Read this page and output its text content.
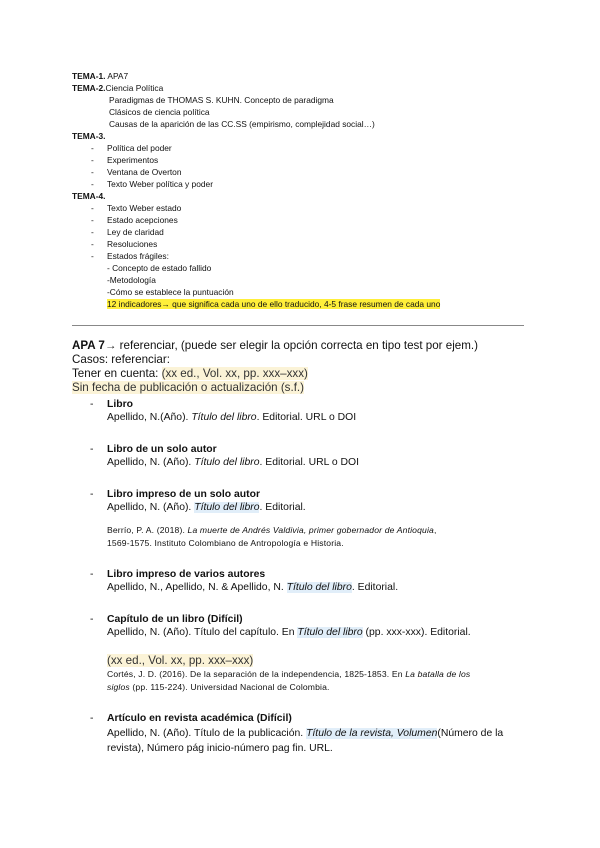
TEMA-1. APA7
TEMA-2.Ciencia Política
Paradigmas de THOMAS S. KUHN. Concepto de paradigma
Clásicos de ciencia política
Causas de la aparición de las CC.SS (empirismo, complejidad social…)
TEMA-3.
-	Política del poder
-	Experimentos
-	Ventana de Overton
-	Texto Weber política y poder
TEMA-4.
-	Texto Weber estado
-	Estado acepciones
-	Ley de claridad
-	Resoluciones
-	Estados frágiles:
- Concepto de estado fallido
-Metodología
-Cómo se establece la puntuación
12 indicadores→ que significa cada uno de ello traducido, 4-5 frase resumen de cada uno
APA 7→ referenciar, (puede ser elegir la opción correcta en tipo test por ejem.)
Casos: referenciar:
Tener en cuenta: (xx ed., Vol. xx, pp. xxx–xxx)
Sin fecha de publicación o actualización (s.f.)
-	Libro
Apellido, N.(Año). Título del libro. Editorial. URL o DOI
-	Libro de un solo autor
Apellido, N. (Año). Título del libro. Editorial. URL o DOI
-	Libro impreso de un solo autor
Apellido, N. (Año). Título del libro. Editorial.
Berrío, P. A. (2018). La muerte de Andrés Valdivia, primer gobernador de Antioquia,
1569-1575. Instituto Colombiano de Antropología e Historia.
-	Libro impreso de varios autores
Apellido, N., Apellido, N. & Apellido, N. Título del libro. Editorial.
-	Capítulo de un libro (Difícil)
Apellido, N. (Año). Título del capítulo. En Título del libro (pp. xxx-xxx). Editorial.
(xx ed., Vol. xx, pp. xxx–xxx)
Cortés, J. D. (2016). De la separación de la independencia, 1825-1853. En La batalla de los
siglos (pp. 115-224). Universidad Nacional de Colombia.
-	Artículo en revista académica (Difícil)
Apellido, N. (Año). Título de la publicación. Título de la revista, Volumen(Número de la revista), Número pág inicio-número pag fin. URL.
